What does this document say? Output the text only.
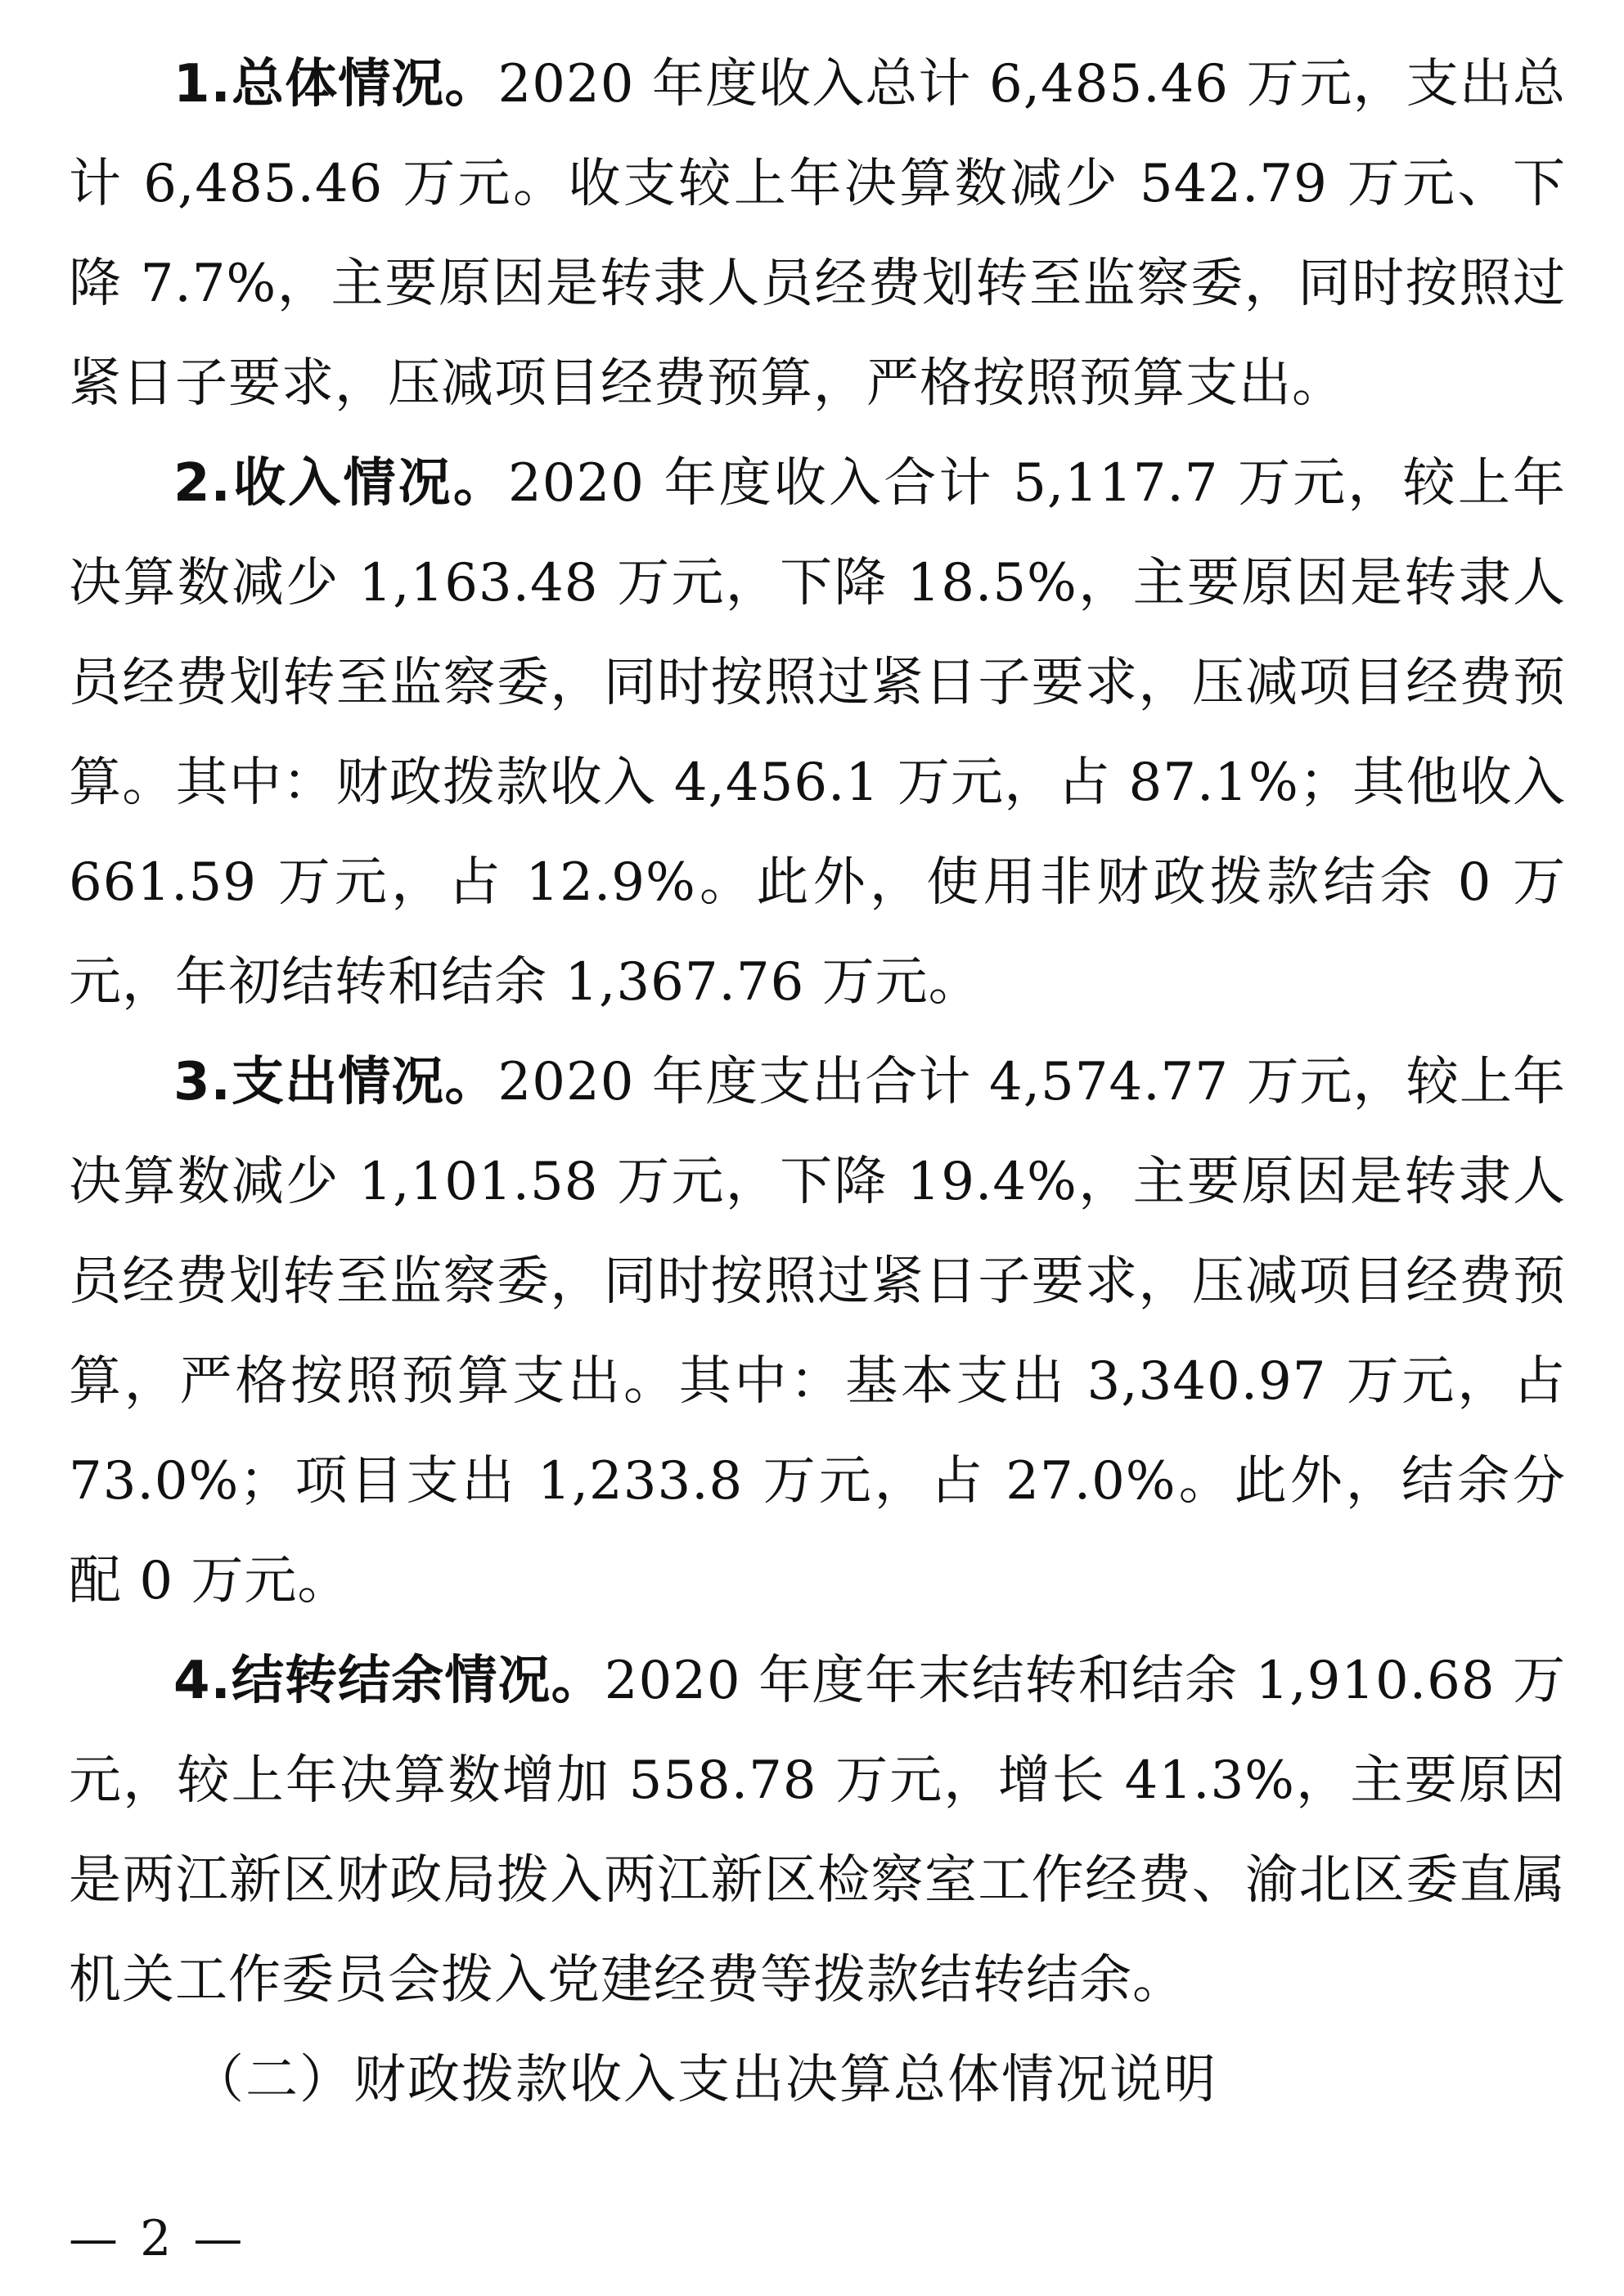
1.总体情况。2020 年度收入总计 6,485.46 万元，支出总计 6,485.46 万元。收支较上年决算数减少 542.79 万元、下降 7.7%，主要原因是转隶人员经费划转至监察委，同时按照过紧日子要求，压减项目经费预算，严格按照预算支出。

2.收入情况。2020 年度收入合计 5,117.7 万元，较上年决算数减少 1,163.48 万元，下降 18.5%，主要原因是转隶人员经费划转至监察委，同时按照过紧日子要求，压减项目经费预算。其中：财政拨款收入 4,456.1 万元，占 87.1%；其他收入 661.59 万元，占 12.9%。此外，使用非财政拨款结余 0 万元，年初结转和结余 1,367.76 万元。

3.支出情况。2020 年度支出合计 4,574.77 万元，较上年决算数减少 1,101.58 万元，下降 19.4%，主要原因是转隶人员经费划转至监察委，同时按照过紧日子要求，压减项目经费预算，严格按照预算支出。其中：基本支出 3,340.97 万元，占 73.0%；项目支出 1,233.8 万元，占 27.0%。此外，结余分配 0 万元。

4.结转结余情况。2020 年度年末结转和结余 1,910.68 万元，较上年决算数增加 558.78 万元，增长 41.3%，主要原因是两江新区财政局拨入两江新区检察室工作经费、渝北区委直属机关工作委员会拨入党建经费等拨款结转结余。

（二）财政拨款收入支出决算总体情况说明

— 2 —
